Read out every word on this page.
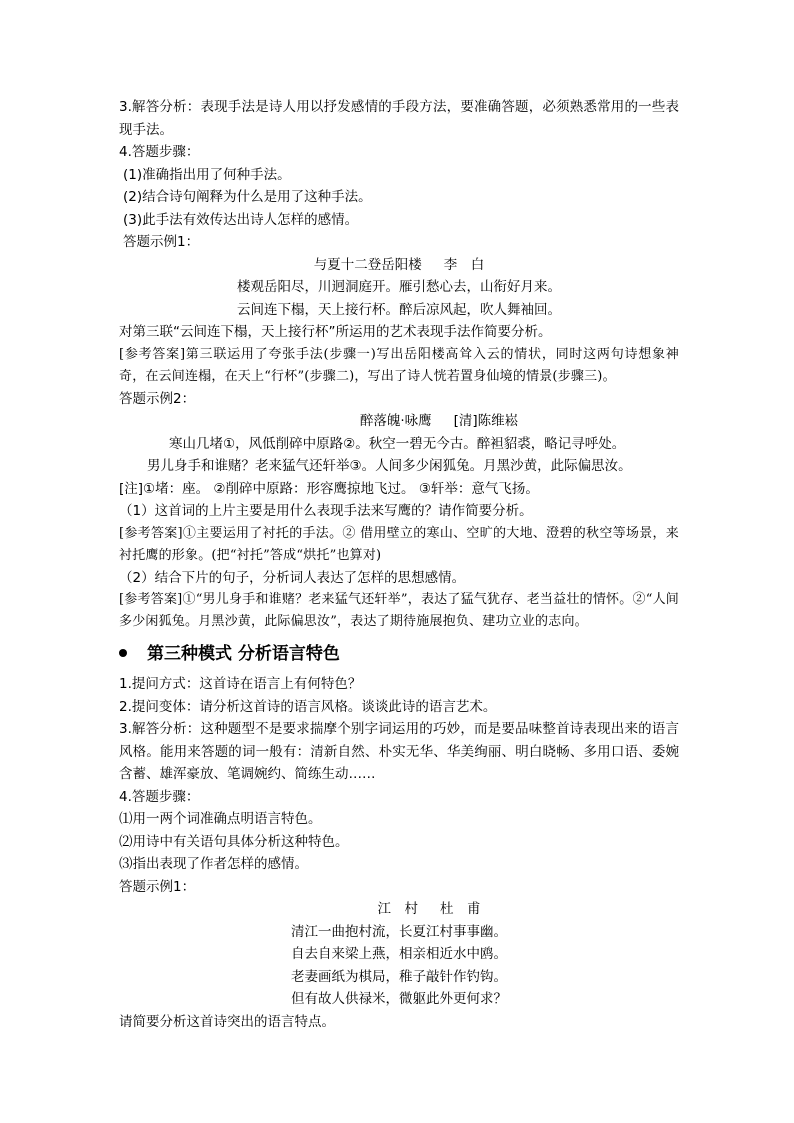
3.解答分析：表现手法是诗人用以抒发感情的手段方法，要准确答题，必须熟悉常用的一些表现手法。
4.答题步骤：
(1)准确指出用了何种手法。
(2)结合诗句阐释为什么是用了这种手法。
(3)此手法有效传达出诗人怎样的感情。
答题示例1：
与夏十二登岳阳楼 李　白
楼观岳阳尽，川迥洞庭开。雁引愁心去，山衔好月来。
云间连下榻，天上接行杯。醉后凉风起，吹人舞袖回。
对第三联“云间连下榻，天上接行杯”所运用的艺术表现手法作简要分析。
[参考答案]第三联运用了夸张手法(步骤一)写出岳阳楼高耸入云的情状，同时这两句诗想象神奇，在云间连榻，在天上“行杯”(步骤二)，写出了诗人恍若置身仙境的情景(步骤三)。
答题示例2：
醉落魄·咏鹰 [清]陈维崧
寒山几堵①，风低削碎中原路②。秋空一碧无今古。醉袒貂裘，略记寻呼处。
男儿身手和谁赌？老来猛气还轩举③。人间多少闲狐兔。月黑沙黄，此际偏思汝。
[注]①堵：座。 ②削碎中原路：形容鹰掠地飞过。 ③轩举：意气飞扬。
（1）这首词的上片主要是用什么表现手法来写鹰的？请作简要分析。
[参考答案]①主要运用了衬托的手法。② 借用壁立的寒山、空旷的大地、澄碧的秋空等场景，来衬托鹰的形象。(把“衬托”答成“烘托”也算对)
（2）结合下片的句子，分析词人表达了怎样的思想感情。
[参考答案]①“男儿身手和谁赌？老来猛气还轩举”，表达了猛气犹存、老当益壮的情怀。②“人间多少闲狐兔。月黑沙黄，此际偏思汝”，表达了期待施展抱负、建功立业的志向。
第三种模式 分析语言特色
1.提问方式：这首诗在语言上有何特色？
2.提问变体：请分析这首诗的语言风格。谈谈此诗的语言艺术。
3.解答分析：这种题型不是要求揣摩个别字词运用的巧妙，而是要品味整首诗表现出来的语言风格。能用来答题的词一般有：清新自然、朴实无华、华美绚丽、明白晓畅、多用口语、委婉含蓄、雄浑豪放、笔调婉约、简练生动……
4.答题步骤：
⑴用一两个词准确点明语言特色。
⑵用诗中有关语句具体分析这种特色。
⑶指出表现了作者怎样的感情。
答题示例1：
江　村 杜　甫
清江一曲抱村流，长夏江村事事幽。
自去自来梁上燕，相亲相近水中鸥。
老妻画纸为棋局，稚子敲针作钓钩。
但有故人供禄米，微躯此外更何求？
请简要分析这首诗突出的语言特点。
